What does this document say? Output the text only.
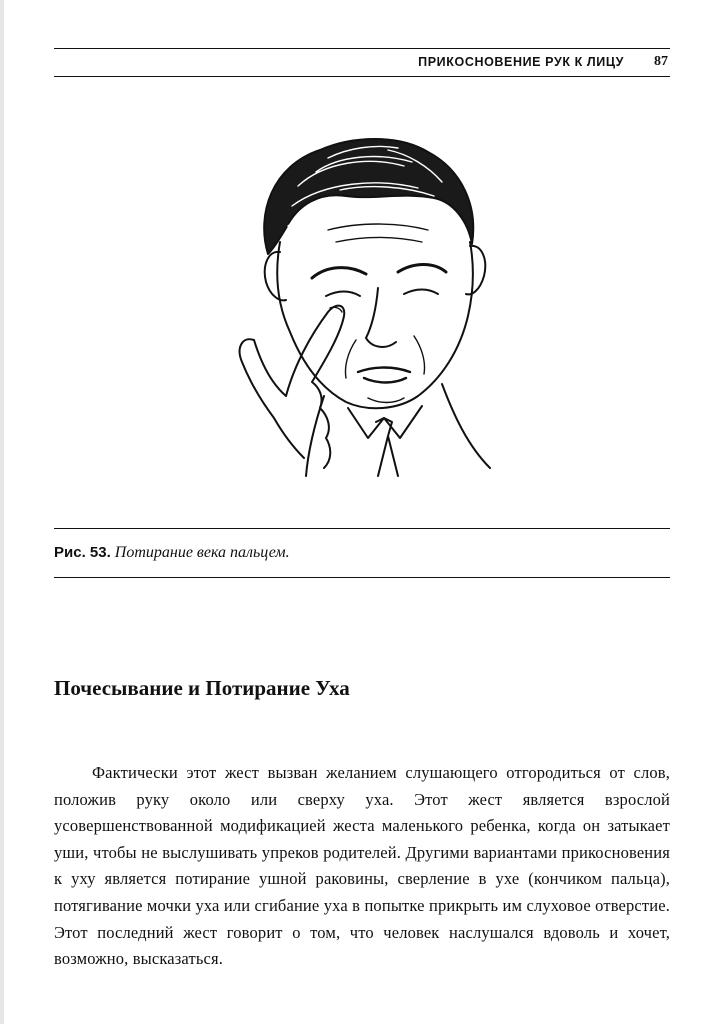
ПРИКОСНОВЕНИЕ РУК К ЛИЦУ 87
Рис. 53. Потирание века пальцем.
Почесывание и Потирание Уха

Фактически этот жест вызван желанием слушающего отгородиться от слов, положив руку около или сверху уха. Этот жест является взрослой усовершенствованной модификацией жеста маленького ребенка, когда он затыкает уши, чтобы не выслушивать упреков родителей. Другими вариантами прикосновения к уху является потирание ушной раковины, сверление в ухе (кончиком пальца), потягивание мочки уха или сгибание уха в попытке прикрыть им слуховое отверстие. Этот последний жест говорит о том, что человек наслушался вдоволь и хочет, возможно, высказаться.
